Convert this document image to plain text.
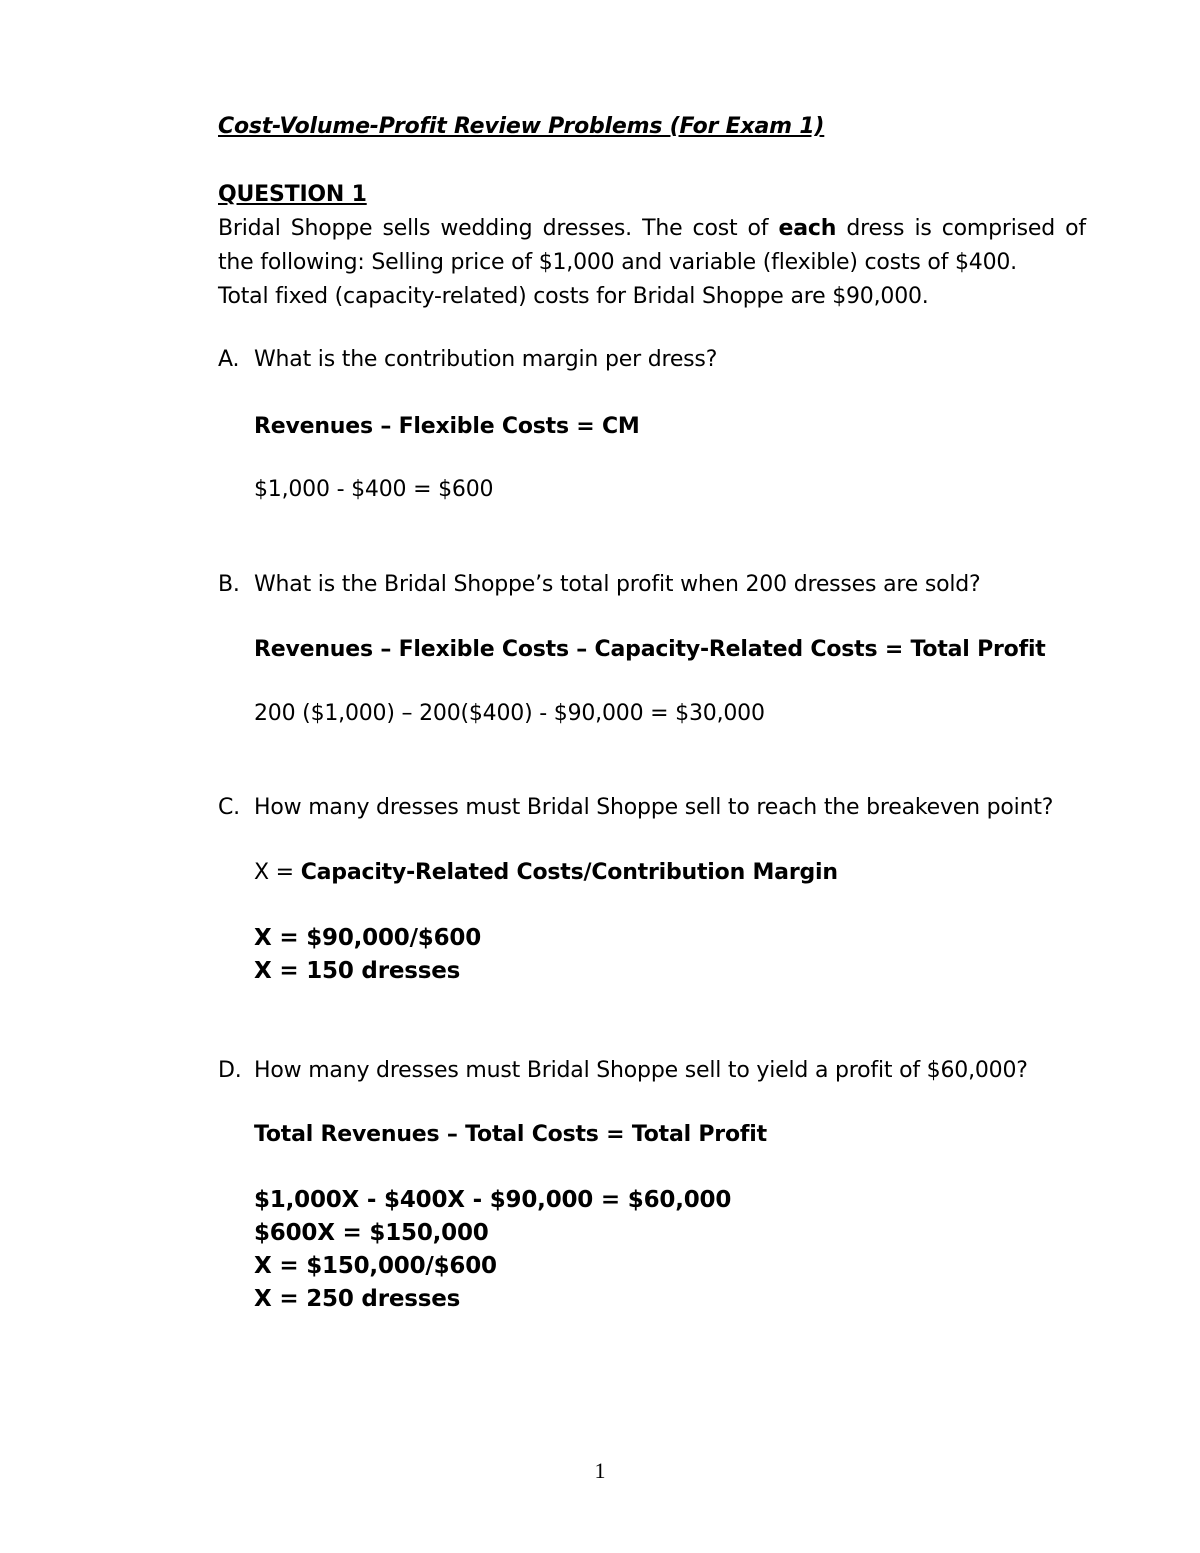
Cost-Volume-Profit Review Problems (For Exam 1)
QUESTION 1
Bridal Shoppe sells wedding dresses. The cost of each dress is comprised of
the following: Selling price of $1,000 and variable (flexible) costs of $400.
Total fixed (capacity-related) costs for Bridal Shoppe are $90,000.
A. What is the contribution margin per dress?
Revenues – Flexible Costs = CM
$1,000 - $400 = $600
B. What is the Bridal Shoppe’s total profit when 200 dresses are sold?
Revenues – Flexible Costs – Capacity-Related Costs = Total Profit
200 ($1,000) – 200($400) - $90,000 = $30,000
C. How many dresses must Bridal Shoppe sell to reach the breakeven point?
X = Capacity-Related Costs/Contribution Margin
X = $90,000/$600
X = 150 dresses
D. How many dresses must Bridal Shoppe sell to yield a profit of $60,000?
Total Revenues – Total Costs = Total Profit
$1,000X - $400X - $90,000 = $60,000
$600X = $150,000
X = $150,000/$600
X = 250 dresses
1
